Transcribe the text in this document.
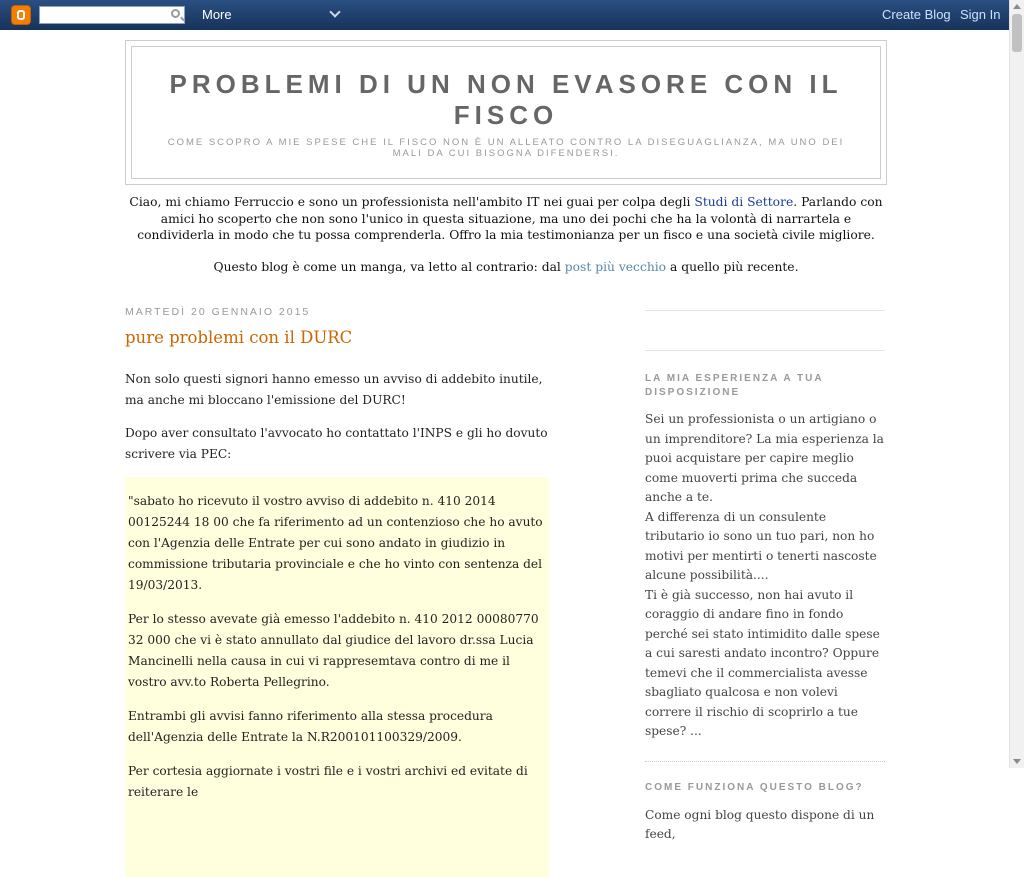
More	Create Blog Sign In
PROBLEMI DI UN NON EVASORE CON IL FISCO
COME SCOPRO A MIE SPESE CHE IL FISCO NON È UN ALLEATO CONTRO LA DISEGUAGLIANZA, MA UNO DEI MALI DA CUI BISOGNA DIFENDERSI.

Ciao, mi chiamo Ferruccio e sono un professionista nell'ambito IT nei guai per colpa degli Studi di Settore. Parlando con amici ho scoperto che non sono l'unico in questa situazione, ma uno dei pochi che ha la volontà di narrartela e condividerla in modo che tu possa comprenderla. Offro la mia testimonianza per un fisco e una società civile migliore.

Questo blog è come un manga, va letto al contrario: dal post più vecchio a quello più recente.

MARTEDÌ 20 GENNAIO 2015
pure problemi con il DURC

Non solo questi signori hanno emesso un avviso di addebito inutile, ma anche mi bloccano l'emissione del DURC!

Dopo aver consultato l'avvocato ho contattato l'INPS e gli ho dovuto scrivere via PEC:

"sabato ho ricevuto il vostro avviso di addebito n. 410 2014 00125244 18 00 che fa riferimento ad un contenzioso che ho avuto con l'Agenzia delle Entrate per cui sono andato in giudizio in commissione tributaria provinciale e che ho vinto con sentenza del 19/03/2013.

Per lo stesso avevate già emesso l'addebito n. 410 2012 00080770 32 000 che vi è stato annullato dal giudice del lavoro dr.ssa Lucia Mancinelli nella causa in cui vi rappresemtava contro di me il vostro avv.to Roberta Pellegrino.

Entrambi gli avvisi fanno riferimento alla stessa procedura dell'Agenzia delle Entrate la N.R200101100329/2009.

Per cortesia aggiornate i vostri file e i vostri archivi ed evitate di reiterare le

LA MIA ESPERIENZA A TUA DISPOSIZIONE

Sei un professionista o un artigiano o un imprenditore? La mia esperienza la puoi acquistare per capire meglio come muoverti prima che succeda anche a te.

A differenza di un consulente tributario io sono un tuo pari, non ho motivi per mentirti o tenerti nascoste alcune possibilità....

Ti è già successo, non hai avuto il coraggio di andare fino in fondo perché sei stato intimidito dalle spese a cui saresti andato incontro? Oppure temevi che il commercialista avesse sbagliato qualcosa e non volevi correre il rischio di scoprirlo a tue spese? ...

COME FUNZIONA QUESTO BLOG?

Come ogni blog questo dispone di un feed,
